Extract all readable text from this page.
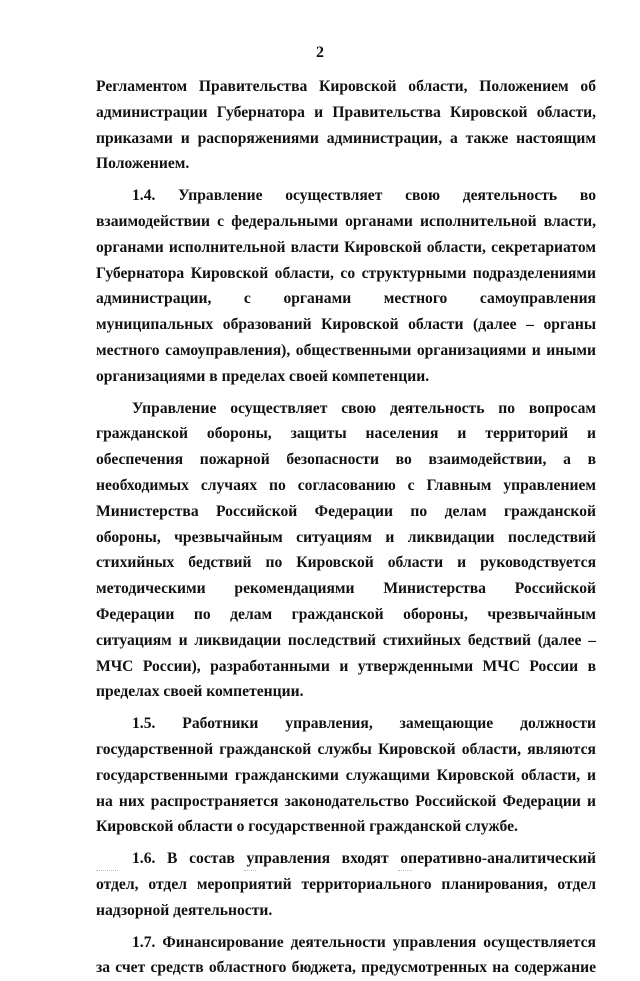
2

Регламентом Правительства Кировской области, Положением об администрации Губернатора и Правительства Кировской области, приказами и распоряжениями администрации, а также настоящим Положением.

1.4. Управление осуществляет свою деятельность во взаимодействии с федеральными органами исполнительной власти, органами исполнительной власти Кировской области, секретариатом Губернатора Кировской области, со структурными подразделениями администрации, с органами местного самоуправления муниципальных образований Кировской области (далее – органы местного самоуправления), общественными организациями и иными организациями в пределах своей компетенции.

Управление осуществляет свою деятельность по вопросам гражданской обороны, защиты населения и территорий и обеспечения пожарной безопасности во взаимодействии, а в необходимых случаях по согласованию с Главным управлением Министерства Российской Федерации по делам гражданской обороны, чрезвычайным ситуациям и ликвидации последствий стихийных бедствий по Кировской области и руководствуется методическими рекомендациями Министерства Российской Федерации по делам гражданской обороны, чрезвычайным ситуациям и ликвидации последствий стихийных бедствий (далее – МЧС России), разработанными и утвержденными МЧС России в пределах своей компетенции.

1.5. Работники управления, замещающие должности государственной гражданской службы Кировской области, являются государственными гражданскими служащими Кировской области, и на них распространяется законодательство Российской Федерации и Кировской области о государственной гражданской службе.

1.6. В состав управления входят оперативно-аналитический отдел, отдел мероприятий территориального планирования, отдел надзорной деятельности.

1.7. Финансирование деятельности управления осуществляется за счет средств областного бюджета, предусмотренных на содержание
